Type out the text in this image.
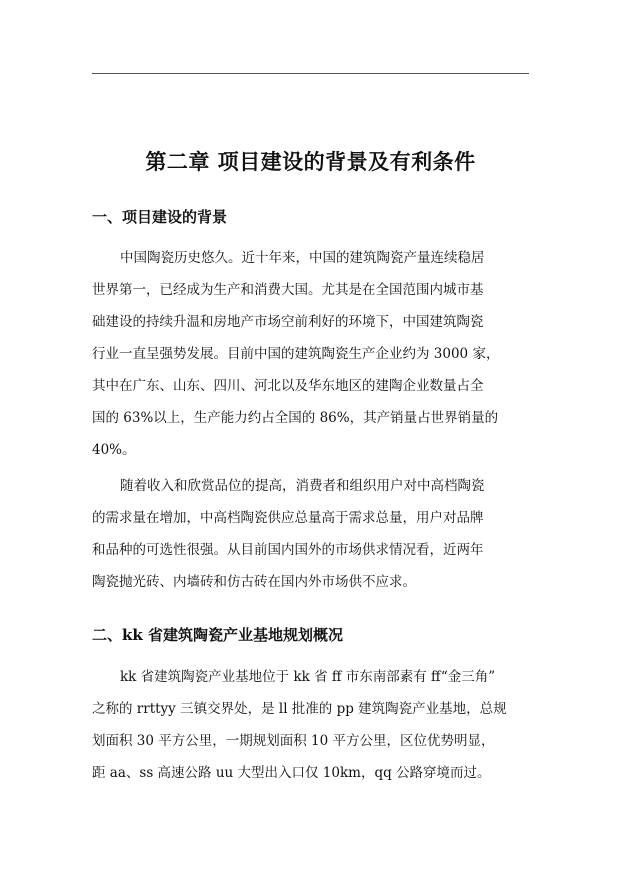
第二章 项目建设的背景及有利条件
一、项目建设的背景
中国陶瓷历史悠久。近十年来，中国的建筑陶瓷产量连续稳居
世界第一，已经成为生产和消费大国。尤其是在全国范围内城市基
础建设的持续升温和房地产市场空前利好的环境下，中国建筑陶瓷
行业一直呈强势发展。目前中国的建筑陶瓷生产企业约为 3000 家，
其中在广东、山东、四川、河北以及华东地区的建陶企业数量占全
国的 63%以上，生产能力约占全国的 86%，其产销量占世界销量的
40%。
随着收入和欣赏品位的提高，消费者和组织用户对中高档陶瓷
的需求量在增加，中高档陶瓷供应总量高于需求总量，用户对品牌
和品种的可选性很强。从目前国内国外的市场供求情况看，近两年
陶瓷抛光砖、内墙砖和仿古砖在国内外市场供不应求。
二、kk 省建筑陶瓷产业基地规划概况
kk 省建筑陶瓷产业基地位于 kk 省 ff 市东南部素有 ff“金三角”
之称的 rrttyy 三镇交界处，是 ll 批准的 pp 建筑陶瓷产业基地，总规
划面积 30 平方公里，一期规划面积 10 平方公里，区位优势明显，
距 aa、ss 高速公路 uu 大型出入口仅 10km，qq 公路穿境而过。
